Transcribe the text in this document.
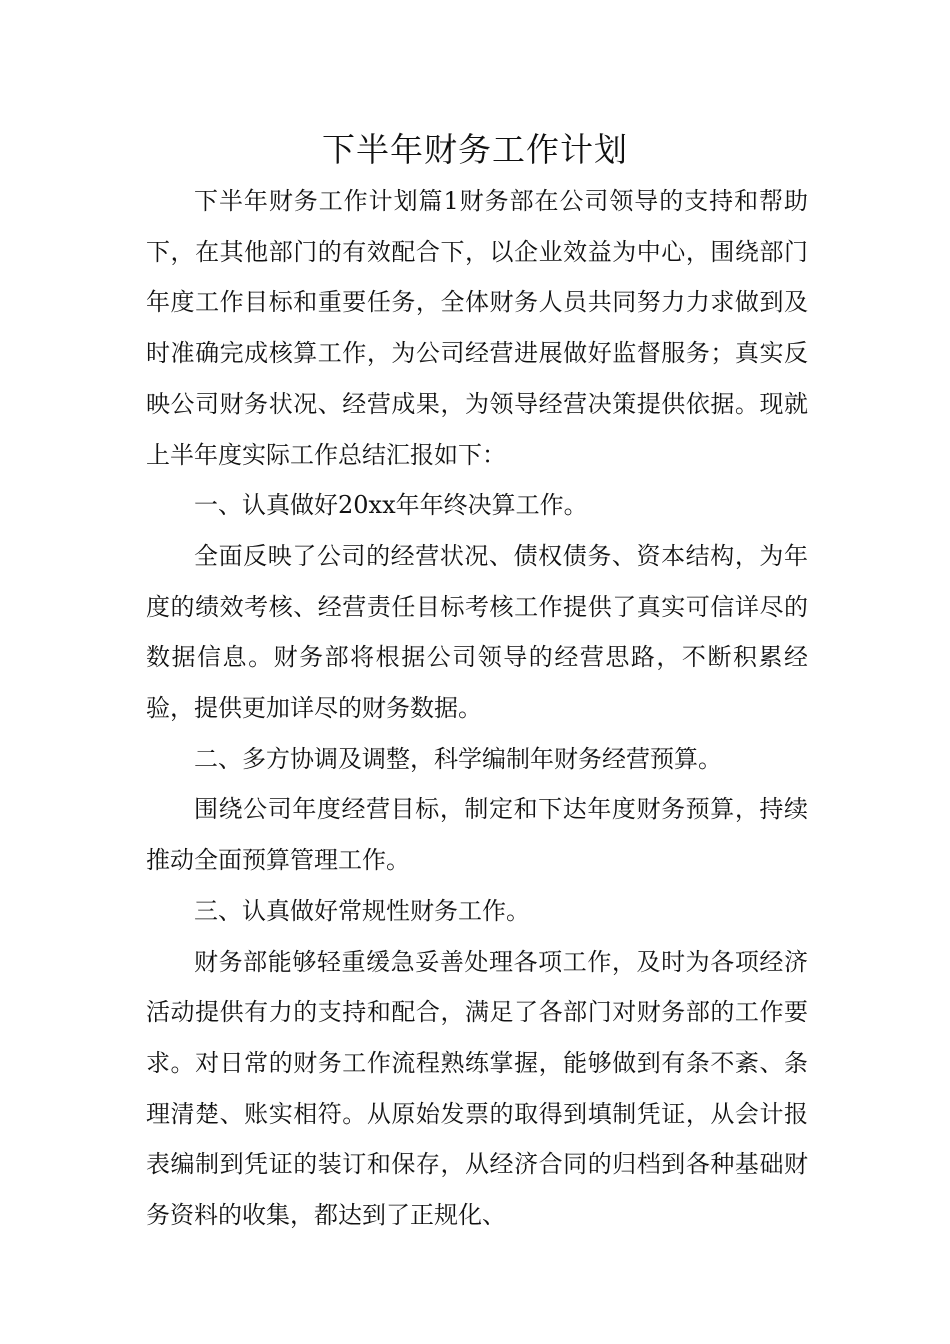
下半年财务工作计划

下半年财务工作计划篇1财务部在公司领导的支持和帮助下，在其他部门的有效配合下，以企业效益为中心，围绕部门年度工作目标和重要任务，全体财务人员共同努力力求做到及时准确完成核算工作，为公司经营进展做好监督服务；真实反映公司财务状况、经营成果，为领导经营决策提供依据。现就上半年度实际工作总结汇报如下：

一、认真做好20xx年年终决算工作。

全面反映了公司的经营状况、债权债务、资本结构，为年度的绩效考核、经营责任目标考核工作提供了真实可信详尽的数据信息。财务部将根据公司领导的经营思路，不断积累经验，提供更加详尽的财务数据。

二、多方协调及调整，科学编制年财务经营预算。

围绕公司年度经营目标，制定和下达年度财务预算，持续推动全面预算管理工作。

三、认真做好常规性财务工作。

财务部能够轻重缓急妥善处理各项工作，及时为各项经济活动提供有力的支持和配合，满足了各部门对财务部的工作要求。对日常的财务工作流程熟练掌握，能够做到有条不紊、条理清楚、账实相符。从原始发票的取得到填制凭证，从会计报表编制到凭证的装订和保存，从经济合同的归档到各种基础财务资料的收集，都达到了正规化、
